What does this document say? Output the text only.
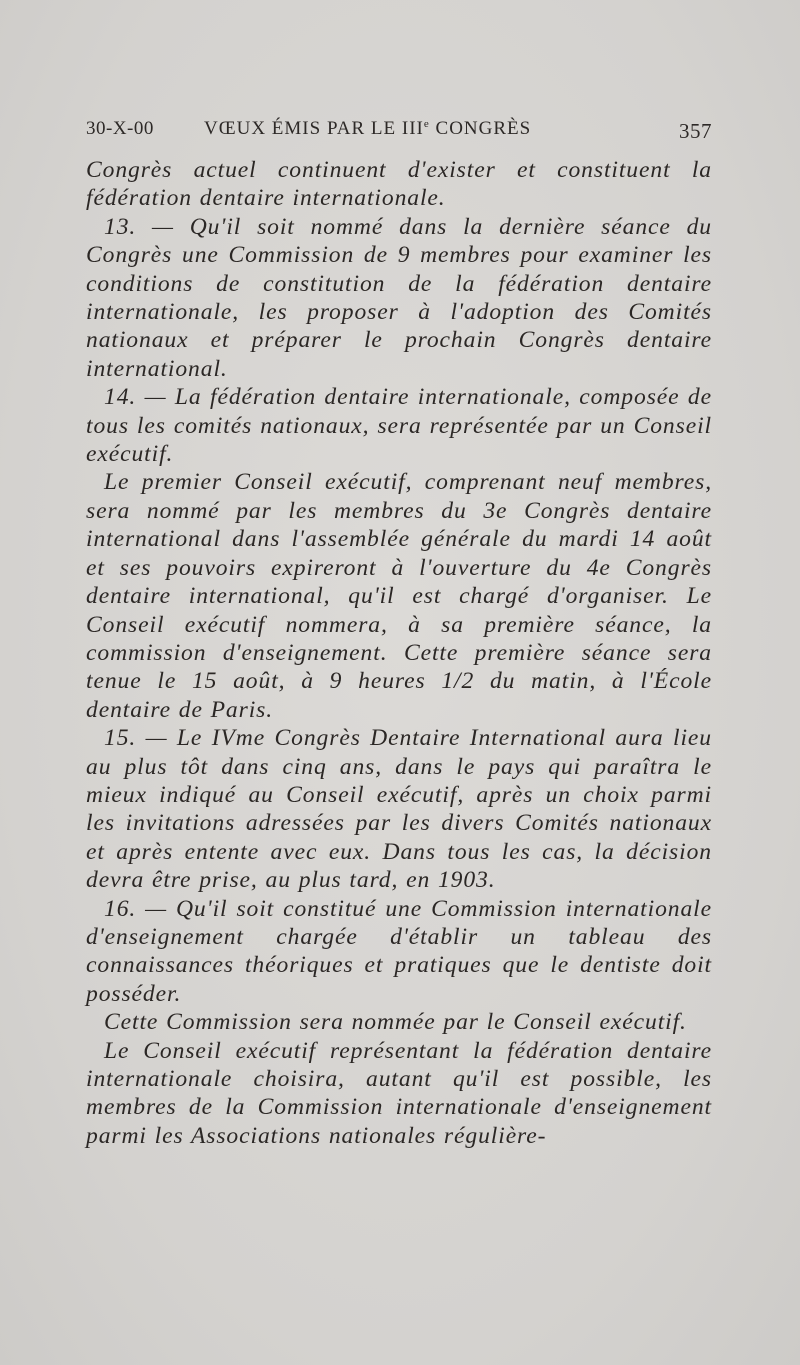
30-X-00	VŒUX ÉMIS PAR LE IIIe CONGRÈS	357

Congrès actuel continuent d'exister et constituent la fédération dentaire internationale.

13. — Qu'il soit nommé dans la dernière séance du Congrès une Commission de 9 membres pour examiner les conditions de constitution de la fédération dentaire internationale, les proposer à l'adoption des Comités nationaux et préparer le prochain Congrès dentaire international.

14. — La fédération dentaire internationale, composée de tous les comités nationaux, sera représentée par un Conseil exécutif.

Le premier Conseil exécutif, comprenant neuf membres, sera nommé par les membres du 3e Congrès dentaire international dans l'assemblée générale du mardi 14 août et ses pouvoirs expireront à l'ouverture du 4e Congrès dentaire international, qu'il est chargé d'organiser. Le Conseil exécutif nommera, à sa première séance, la commission d'enseignement. Cette première séance sera tenue le 15 août, à 9 heures 1/2 du matin, à l'École dentaire de Paris.

15. — Le IVme Congrès Dentaire International aura lieu au plus tôt dans cinq ans, dans le pays qui paraîtra le mieux indiqué au Conseil exécutif, après un choix parmi les invitations adressées par les divers Comités nationaux et après entente avec eux. Dans tous les cas, la décision devra être prise, au plus tard, en 1903.

16. — Qu'il soit constitué une Commission internationale d'enseignement chargée d'établir un tableau des connaissances théoriques et pratiques que le dentiste doit posséder.

Cette Commission sera nommée par le Conseil exécutif.

Le Conseil exécutif représentant la fédération dentaire internationale choisira, autant qu'il est possible, les membres de la Commission internationale d'enseignement parmi les Associations nationales régulière-
